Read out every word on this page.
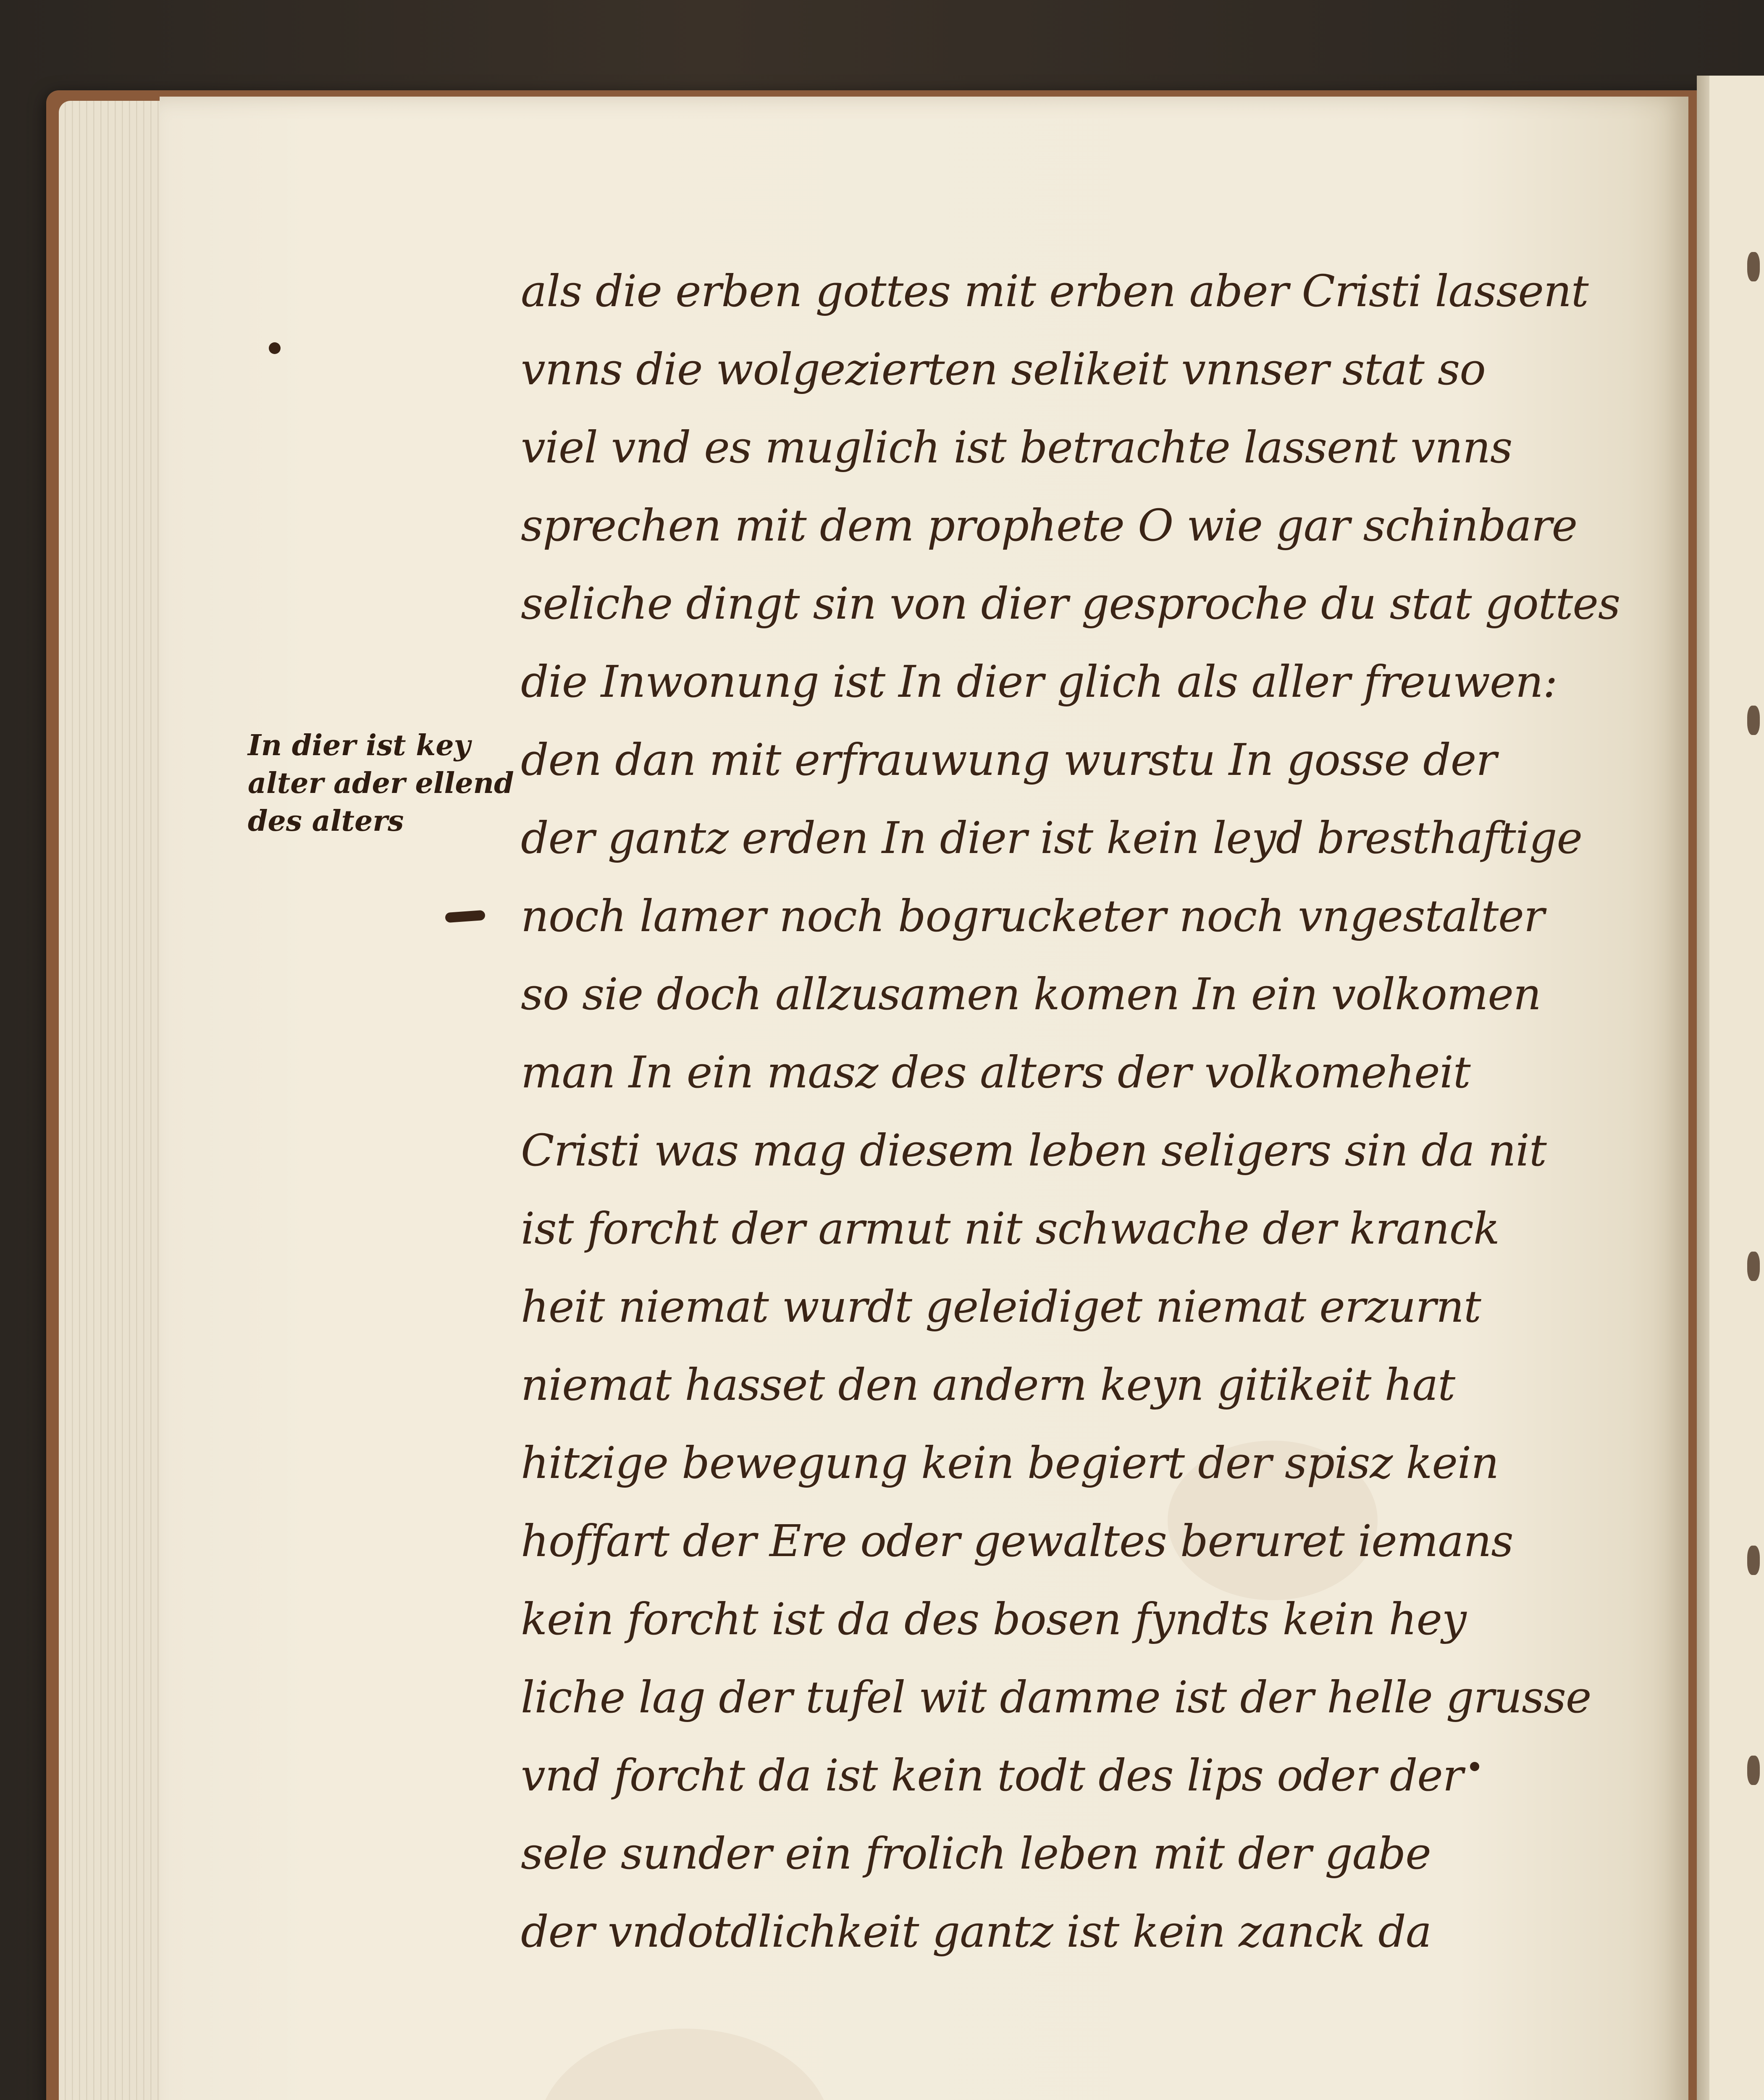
In dier ist key
alter ader ellend
des alters
als die erben gottes mit erben aber Cristi lassent
vnns die wolgezierten selikeit vnnser stat so
viel vnd es muglich ist betrachte lassent vnns
sprechen mit dem prophete O wie gar schinbare
seliche dingt sin von dier gesproche du stat gottes
die Inwonung ist In dier glich als aller freuwen:
den dan mit erfrauwung wurstu In gosse der
der gantz erden In dier ist kein leyd bresthaftige
noch lamer noch bogrucketer noch vngestalter
so sie doch allzusamen komen In ein volkomen
man In ein masz des alters der volkomeheit
Cristi was mag diesem leben seligers sin da nit
ist forcht der armut nit schwache der kranck
heit niemat wurdt geleidiget niemat erzurnt
niemat hasset den andern keyn gitikeit hat
hitzige bewegung kein begiert der spisz kein
hoffart der Ere oder gewaltes beruret iemans
kein forcht ist da des bosen fyndts kein hey
liche lag der tufel wit damme ist der helle grusse
vnd forcht da ist kein todt des lips oder der
sele sunder ein frolich leben mit der gabe
der vndotdlichkeit gantz ist kein zanck da
